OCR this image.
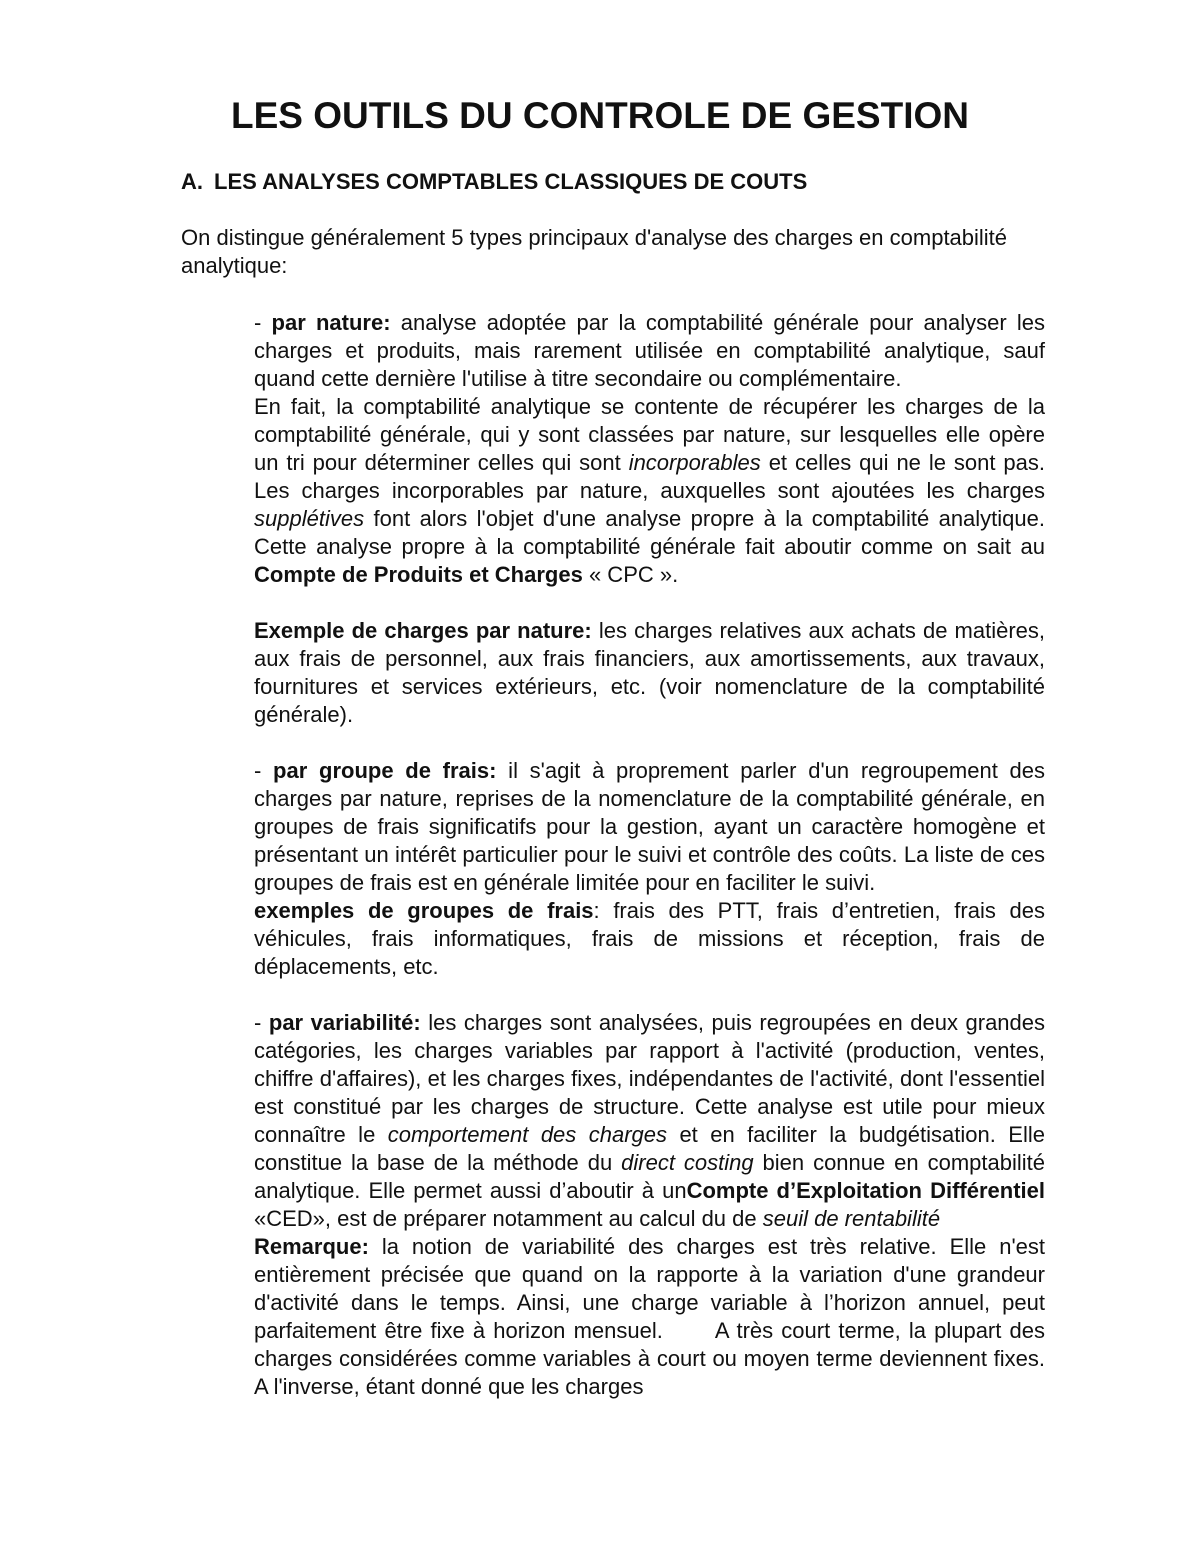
LES OUTILS DU CONTROLE DE GESTION
A. LES ANALYSES COMPTABLES CLASSIQUES DE COUTS

On distingue généralement 5 types principaux d'analyse des charges en comptabilité analytique:

- par nature: analyse adoptée par la comptabilité générale pour analyser les charges et produits, mais rarement utilisée en comptabilité analytique, sauf quand cette dernière l'utilise à titre secondaire ou complémentaire.

En fait, la comptabilité analytique se contente de récupérer les charges de la comptabilité générale, qui y sont classées par nature, sur lesquelles elle opère un tri pour déterminer celles qui sont incorporables et celles qui ne le sont pas. Les charges incorporables par nature, auxquelles sont ajoutées les charges supplétives font alors l'objet d'une analyse propre à la comptabilité analytique. Cette analyse propre à la comptabilité générale fait aboutir comme on sait au Compte de Produits et Charges « CPC ».

Exemple de charges par nature: les charges relatives aux achats de matières, aux frais de personnel, aux frais financiers, aux amortissements, aux travaux, fournitures et services extérieurs, etc. (voir nomenclature de la comptabilité générale).

- par groupe de frais: il s'agit à proprement parler d'un regroupement des charges par nature, reprises de la nomenclature de la comptabilité générale, en groupes de frais significatifs pour la gestion, ayant un caractère homogène et présentant un intérêt particulier pour le suivi et contrôle des coûts. La liste de ces groupes de frais est en générale limitée pour en faciliter le suivi.

exemples de groupes de frais: frais des PTT, frais d’entretien, frais des véhicules, frais informatiques, frais de missions et réception, frais de déplacements, etc.

- par variabilité: les charges sont analysées, puis regroupées en deux grandes catégories, les charges variables par rapport à l'activité (production, ventes, chiffre d'affaires), et les charges fixes, indépendantes de l'activité, dont l'essentiel est constitué par les charges de structure. Cette analyse est utile pour mieux connaître le comportement des charges et en faciliter la budgétisation. Elle constitue la base de la méthode du direct costing bien connue en comptabilité analytique. Elle permet aussi d’aboutir à unCompte d’Exploitation Différentiel «CED», est de préparer notamment au calcul du de seuil de rentabilité

Remarque: la notion de variabilité des charges est très relative. Elle n'est entièrement précisée que quand on la rapporte à la variation d'une grandeur d'activité dans le temps. Ainsi, une charge variable à l’horizon annuel, peut parfaitement être fixe à horizon mensuel. A très court terme, la plupart des charges considérées comme variables à court ou moyen terme deviennent fixes. A l'inverse, étant donné que les charges
